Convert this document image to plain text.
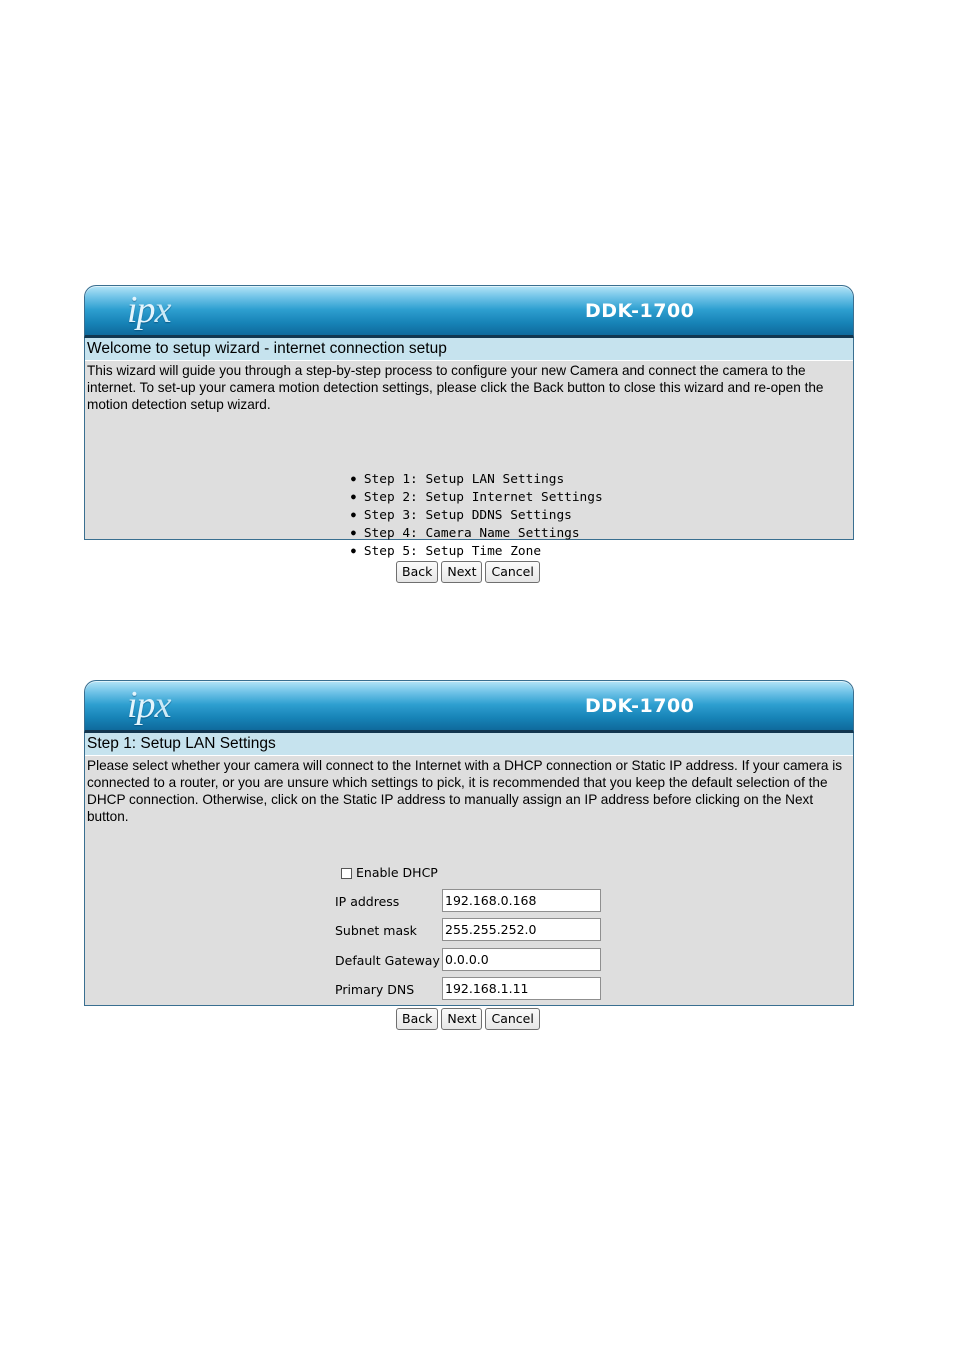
ipx	DDK-1700
Welcome to setup wizard - internet connection setup
This wizard will guide you through a step-by-step process to configure your new Camera and connect the camera to the internet. To set-up your camera motion detection settings, please click the Back button to close this wizard and re-open the motion detection setup wizard.
● Step 1: Setup LAN Settings
● Step 2: Setup Internet Settings
● Step 3: Setup DDNS Settings
● Step 4: Camera Name Settings
● Step 5: Setup Time Zone
Back	Next	Cancel
ipx	DDK-1700
Step 1: Setup LAN Settings
Please select whether your camera will connect to the Internet with a DHCP connection or Static IP address. If your camera is connected to a router, or you are unsure which settings to pick, it is recommended that you keep the default selection of the DHCP connection. Otherwise, click on the Static IP address to manually assign an IP address before clicking on the Next button.
Enable DHCP
IP address	192.168.0.168
Subnet mask 255.255.252.0
Default Gateway 0.0.0.0
Primary DNS 192.168.1.11
Back	Next	Cancel
